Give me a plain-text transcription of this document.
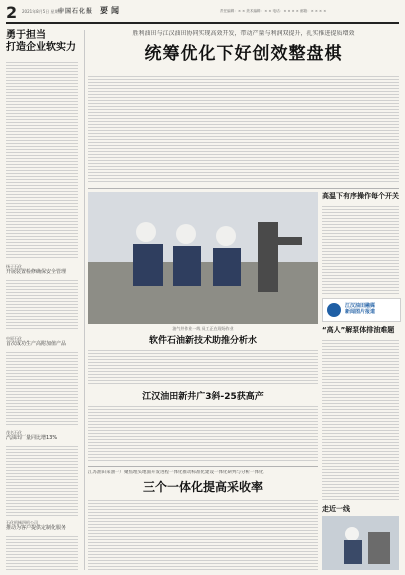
2 2021年8月5日 星期四
中国石化报 要闻	责任编辑：× × 美术编辑：× × 电话：× × × × 邮箱：× × × ×
勇于担当
打造企业软实力
扬子石化
开展装置检修确保安全管理
中原石化
首次成功生产高附加值产品
茂名石化
汽油出厂量同比增13%
石化机械四机公司
推动为客户提供定制化服务
胜利油田与江汉油田协同实现高效开发，带动产量与利润双提升，扎实推进提质增效
统筹优化下好创效整盘棋
油气井作业一线 员工正在现场作业
高温下有序操作每个开关
江汉油田融媒
新闻图片报道
“高人”解泵体排油难题
软件石油新技术助推分析水
江汉油田新井广3斜-25获高产
江苏油田采油一厂聚焦埋头地面开发进程一体化推动标准化建设一体化研判与分析一体化
三个一体化提高采收率
走近一线
